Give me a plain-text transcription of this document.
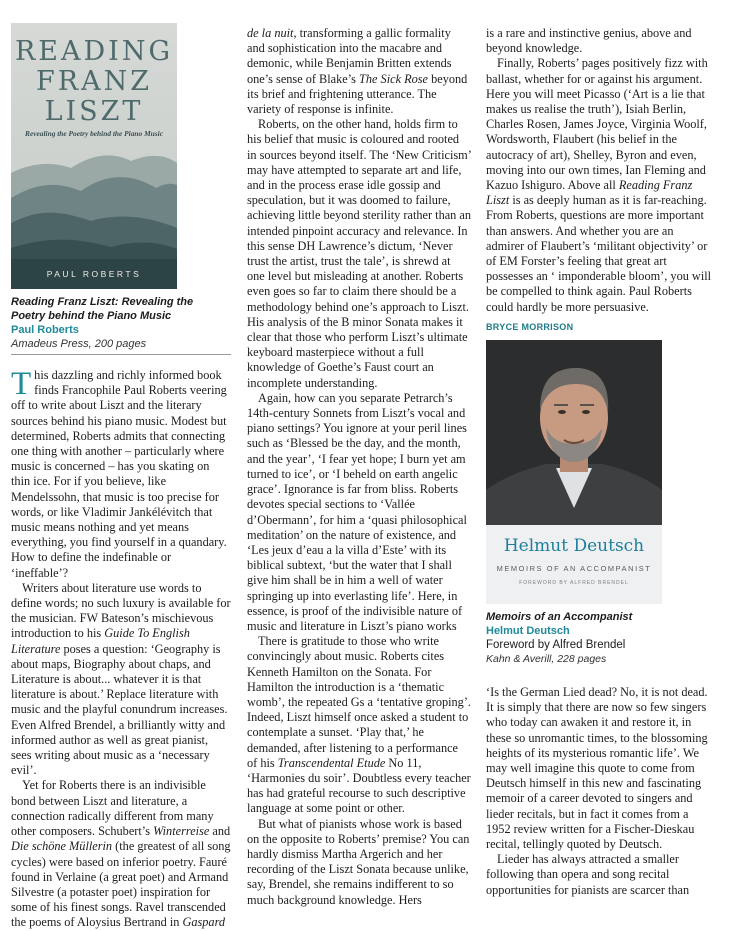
READING
FRANZ
LISZT
Revealing the Poetry behind the Piano Music
PAUL ROBERTS
Reading Franz Liszt: Revealing the Poetry behind the Piano Music
Paul Roberts
Amadeus Press, 200 pages

This dazzling and richly informed book finds Francophile Paul Roberts veering off to write about Liszt and the literary sources behind his piano music. Modest but determined, Roberts admits that connecting one thing with another – particularly where music is concerned – has you skating on thin ice. For if you believe, like Mendelssohn, that music is too precise for words, or like Vladimir Jankélévitch that music means nothing and yet means everything, you find yourself in a quandary. How to define the indefinable or ‘ineffable’?

Writers about literature use words to define words; no such luxury is available for the musician. FW Bateson’s mischievous introduction to his Guide To English Literature poses a question: ‘Geography is about maps, Biography about chaps, and Literature is about... whatever it is that literature is about.’ Replace literature with music and the playful conundrum increases. Even Alfred Brendel, a brilliantly witty and informed author as well as great pianist, sees writing about music as a ‘necessary evil’.

Yet for Roberts there is an indivisible bond between Liszt and literature, a connection radically different from many other composers. Schubert’s Winterreise and Die schöne Müllerin (the greatest of all song cycles) were based on inferior poetry. Fauré found in Verlaine (a great poet) and Armand Silvestre (a potaster poet) inspiration for some of his finest songs. Ravel transcended the poems of Aloysius Bertrand in Gaspard

de la nuit, transforming a gallic formality and sophistication into the macabre and demonic, while Benjamin Britten extends one’s sense of Blake’s The Sick Rose beyond its brief and frightening utterance. The variety of response is infinite.

Roberts, on the other hand, holds firm to his belief that music is coloured and rooted in sources beyond itself. The ‘New Criticism’ may have attempted to separate art and life, and in the process erase idle gossip and speculation, but it was doomed to failure, achieving little beyond sterility rather than an intended pinpoint accuracy and relevance. In this sense DH Lawrence’s dictum, ‘Never trust the artist, trust the tale’, is shrewd at one level but misleading at another. Roberts even goes so far to claim there should be a methodology behind one’s approach to Liszt. His analysis of the B minor Sonata makes it clear that those who perform Liszt’s ultimate keyboard masterpiece without a full knowledge of Goethe’s Faust court an incomplete understanding.

Again, how can you separate Petrarch’s 14th-century Sonnets from Liszt’s vocal and piano settings? You ignore at your peril lines such as ‘Blessed be the day, and the month, and the year’, ‘I fear yet hope; I burn yet am turned to ice’, or ‘I beheld on earth angelic grace’. Ignorance is far from bliss. Roberts devotes special sections to ‘Vallée d’Obermann’, for him a ‘quasi philosophical meditation’ on the nature of existence, and ‘Les jeux d’eau a la villa d’Este’ with its biblical subtext, ‘but the water that I shall give him shall be in him a well of water springing up into everlasting life’. Here, in essence, is proof of the indivisible nature of music and literature in Liszt’s piano works

There is gratitude to those who write convincingly about music. Roberts cites Kenneth Hamilton on the Sonata. For Hamilton the introduction is a ‘thematic womb’, the repeated Gs a ‘tentative groping’. Indeed, Liszt himself once asked a student to contemplate a sunset. ‘Play that,’ he demanded, after listening to a performance of his Transcendental Etude No 11, ‘Harmonies du soir’. Doubtless every teacher has had grateful recourse to such descriptive language at some point or other.

But what of pianists whose work is based on the opposite to Roberts’ premise? You can hardly dismiss Martha Argerich and her recording of the Liszt Sonata because unlike, say, Brendel, she remains indifferent to so much background knowledge. Hers

is a rare and instinctive genius, above and beyond knowledge.

Finally, Roberts’ pages positively fizz with ballast, whether for or against his argument. Here you will meet Picasso (‘Art is a lie that makes us realise the truth’), Isiah Berlin, Charles Rosen, James Joyce, Virginia Woolf, Wordsworth, Flaubert (his belief in the autocracy of art), Shelley, Byron and even, moving into our own times, Ian Fleming and Kazuo Ishiguro. Above all Reading Franz Liszt is as deeply human as it is far-reaching. From Roberts, questions are more important than answers. And whether you are an admirer of Flaubert’s ‘militant objectivity’ or of EM Forster’s feeling that great art possesses an ‘ imponderable bloom’, you will be compelled to think again. Paul Roberts could hardly be more persuasive.

BRYCE MORRISON
Helmut Deutsch
MEMOIRS OF AN ACCOMPANIST
FOREWORD BY ALFRED BRENDEL
Memoirs of an Accompanist
Helmut Deutsch
Foreword by Alfred Brendel
Kahn & Averill, 228 pages

‘Is the German Lied dead? No, it is not dead. It is simply that there are now so few singers who today can awaken it and restore it, in these so unromantic times, to the blossoming heights of its mysterious romantic life’. We may well imagine this quote to come from Deutsch himself in this new and fascinating memoir of a career devoted to singers and lieder recitals, but in fact it comes from a 1952 review written for a Fischer-Dieskau recital, tellingly quoted by Deutsch.

Lieder has always attracted a smaller following than opera and song recital opportunities for pianists are scarcer than
